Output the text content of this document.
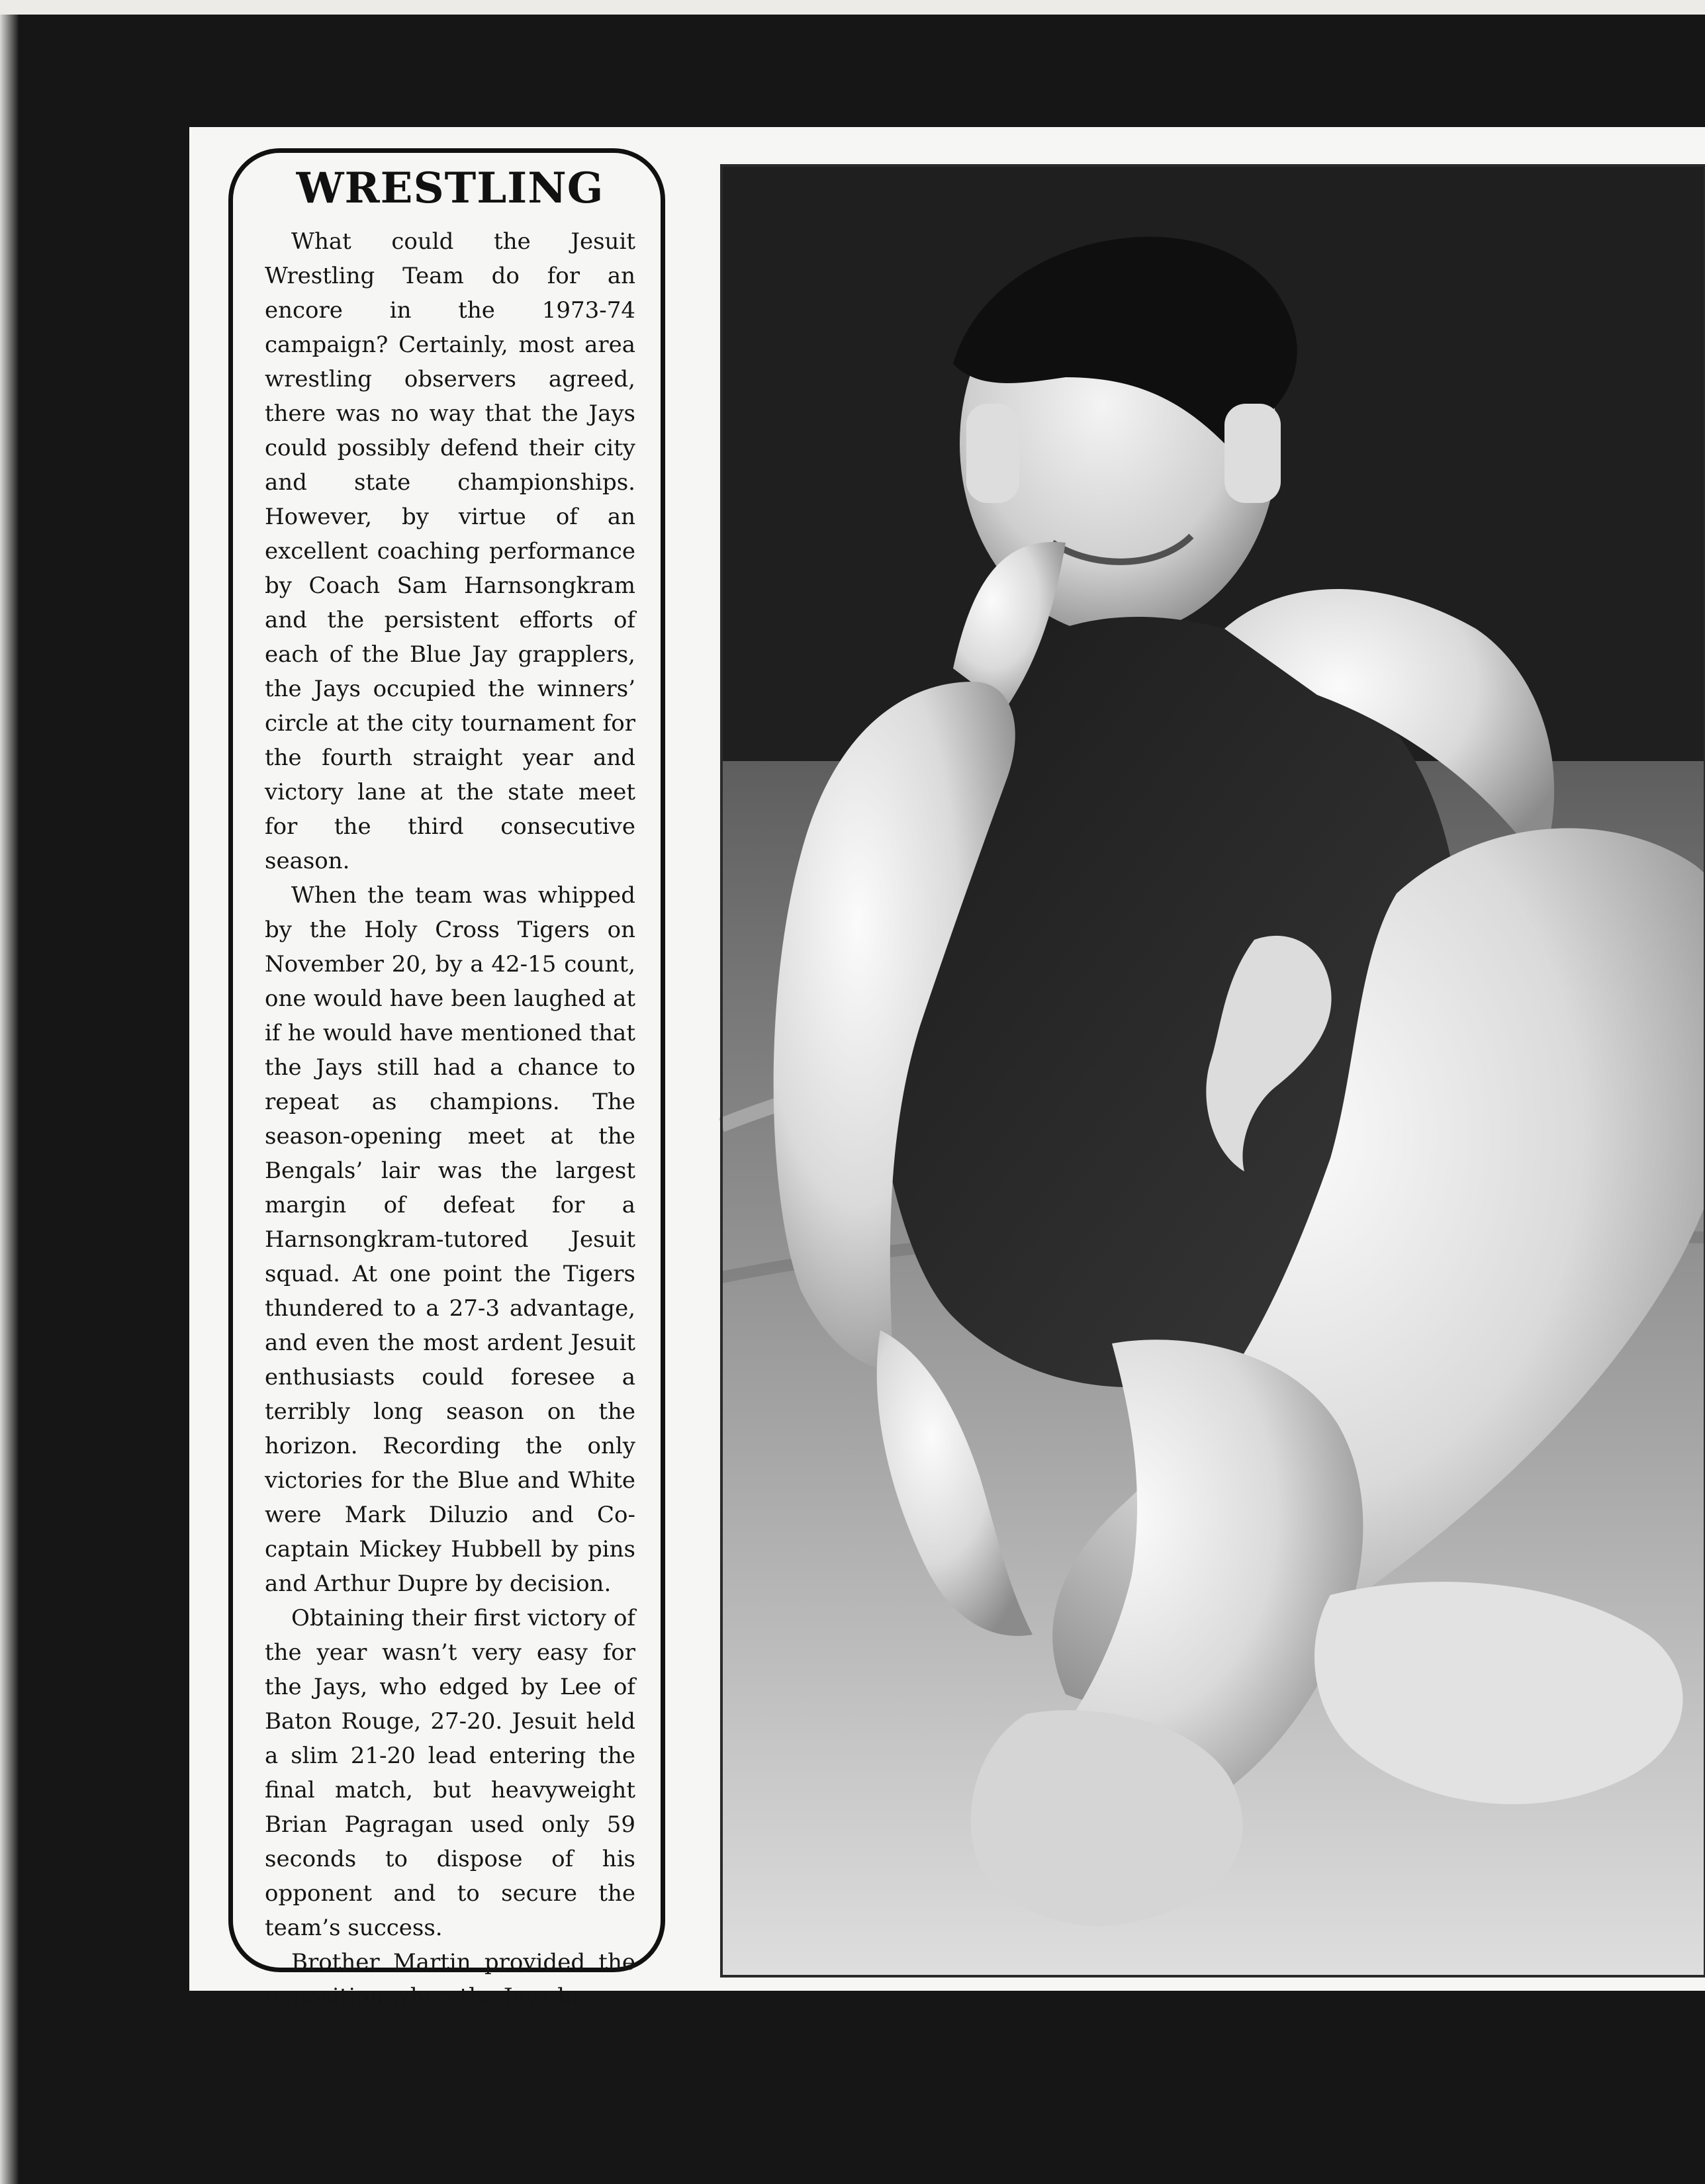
WRESTLING

What could the Jesuit Wrestling Team do for an encore in the 1973-74 campaign? Certainly, most area wrestling observers agreed, there was no way that the Jays could possibly defend their city and state championships. However, by virtue of an excellent coaching performance by Coach Sam Harnsongkram and the persistent efforts of each of the Blue Jay grapplers, the Jays occupied the winners’ circle at the city tournament for the fourth straight year and victory lane at the state meet for the third consecutive season.

When the team was whipped by the Holy Cross Tigers on November 20, by a 42-15 count, one would have been laughed at if he would have mentioned that the Jays still had a chance to repeat as champions. The season-opening meet at the Bengals’ lair was the largest margin of defeat for a Harnsongkram-tutored Jesuit squad. At one point the Tigers thundered to a 27-3 advantage, and even the most ardent Jesuit enthusiasts could foresee a terribly long season on the horizon. Recording the only victories for the Blue and White were Mark Diluzio and Co-captain Mickey Hubbell by pins and Arthur Dupre by decision.

Obtaining their first victory of the year wasn’t very easy for the Jays, who edged by Lee of Baton Rouge, 27-20. Jesuit held a slim 21-20 lead entering the final match, but heavyweight Brian Pagragan used only 59 seconds to dispose of his opponent and to secure the team’s success.

Brother Martin provided the opposition when the Jays be-
